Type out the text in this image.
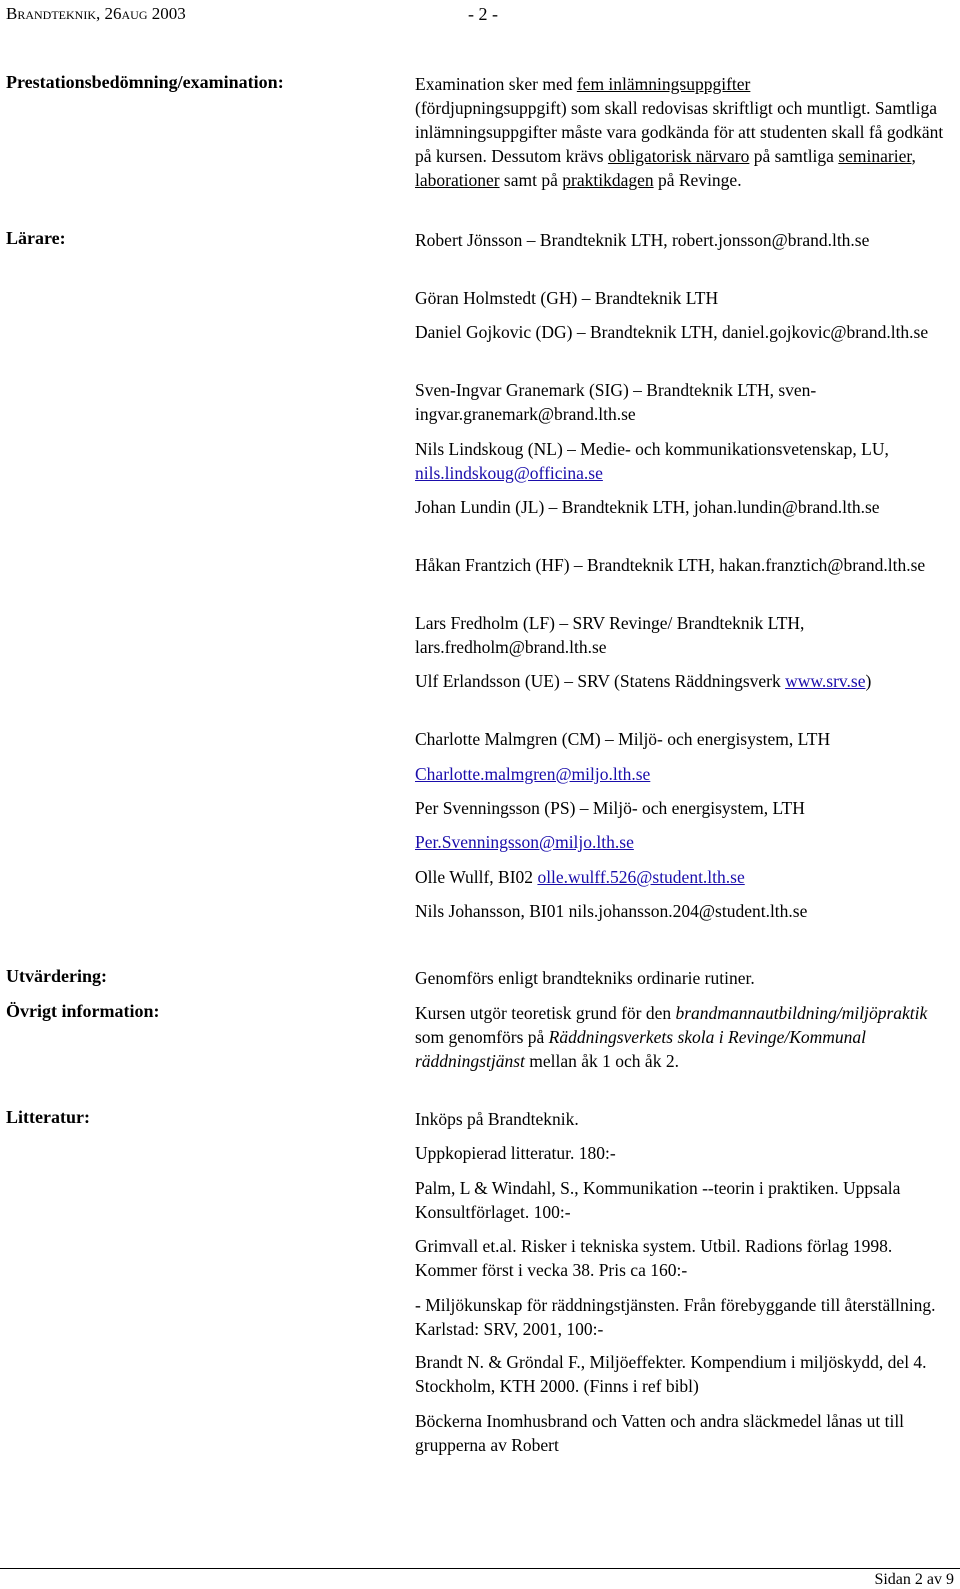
Brandteknik, 26aug 2003	- 2 -
Prestationsbedömning/examination:	Examination sker med fem inlämningsuppgifter
(fördjupningsuppgift) som skall redovisas skriftligt och muntligt. Samtliga inlämningsuppgifter måste vara godkända för att studenten skall få godkänt på kursen. Dessutom krävs obligatorisk närvaro på samtliga seminarier, laborationer samt på praktikdagen på Revinge.
Lärare:	Robert Jönsson – Brandteknik LTH, robert.jonsson@brand.lth.se
Göran Holmstedt (GH) – Brandteknik LTH
Daniel Gojkovic (DG) – Brandteknik LTH, daniel.gojkovic@brand.lth.se
Sven-Ingvar Granemark (SIG) – Brandteknik LTH, sven-ingvar.granemark@brand.lth.se
Nils Lindskoug (NL) – Medie- och kommunikationsvetenskap, LU, nils.lindskoug@officina.se
Johan Lundin (JL) – Brandteknik LTH, johan.lundin@brand.lth.se
Håkan Frantzich (HF) – Brandteknik LTH, hakan.franztich@brand.lth.se
Lars Fredholm (LF) – SRV Revinge/ Brandteknik LTH, lars.fredholm@brand.lth.se
Ulf Erlandsson (UE) – SRV (Statens Räddningsverk www.srv.se)
Charlotte Malmgren (CM) – Miljö- och energisystem, LTH
Charlotte.malmgren@miljo.lth.se
Per Svenningsson (PS) – Miljö- och energisystem, LTH
Per.Svenningsson@miljo.lth.se
Olle Wullf, BI02 olle.wulff.526@student.lth.se
Nils Johansson, BI01 nils.johansson.204@student.lth.se
Utvärdering:	Genomförs enligt brandtekniks ordinarie rutiner.
Övrigt information:	Kursen utgör teoretisk grund för den brandmannautbildning/miljöpraktik som genomförs på Räddningsverkets skola i Revinge/Kommunal räddningstjänst mellan åk 1 och åk 2.
Litteratur:	Inköps på Brandteknik.
Uppkopierad litteratur. 180:-
Palm, L & Windahl, S., Kommunikation --teorin i praktiken. Uppsala Konsultförlaget. 100:-
Grimvall et.al. Risker i tekniska system. Utbil. Radions förlag 1998. Kommer först i vecka 38. Pris ca 160:-
- Miljökunskap för räddningstjänsten. Från förebyggande till återställning. Karlstad: SRV, 2001, 100:-
Brandt N. & Gröndal F., Miljöeffekter. Kompendium i miljöskydd, del 4. Stockholm, KTH 2000. (Finns i ref bibl)
Böckerna Inomhusbrand och Vatten och andra släckmedel lånas ut till grupperna av Robert
Sidan 2 av 9
